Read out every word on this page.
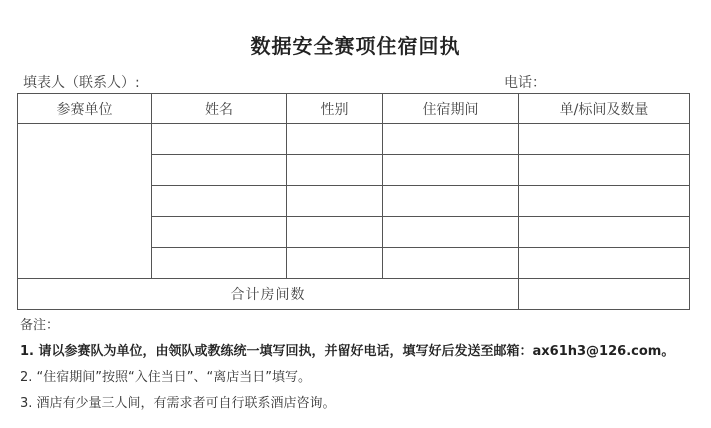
数据安全赛项住宿回执
填表人（联系人）:	电话：
参赛单位	姓名	性别	住宿期间	单/标间及数量

合计房间数				
备注：
1. 请以参赛队为单位，由领队或教练统一填写回执，并留好电话，填写好后发送至邮箱：ax61h3@126.com。
2. “住宿期间”按照“入住当日”、“离店当日”填写。
3. 酒店有少量三人间，有需求者可自行联系酒店咨询。
